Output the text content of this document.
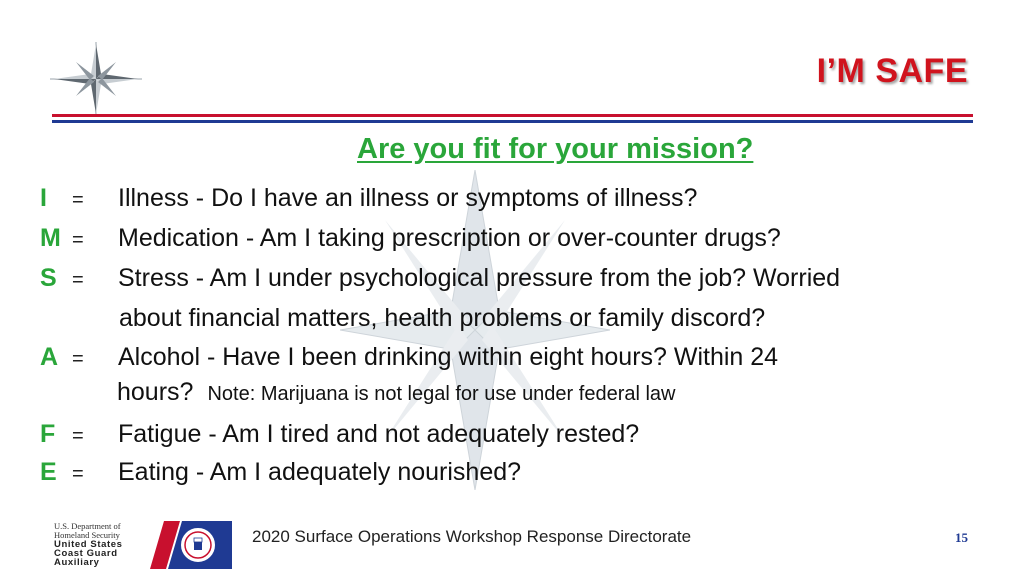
I’M SAFE
Are you fit for your mission?
I = Illness - Do I have an illness or symptoms of illness?
M = Medication - Am I taking prescription or over-counter drugs?
S = Stress - Am I under psychological pressure from the job? Worried
about financial matters, health problems or family discord?
A = Alcohol - Have I been drinking within eight hours? Within 24
hours? Note: Marijuana is not legal for use under federal law
F = Fatigue - Am I tired and not adequately rested?
E = Eating - Am I adequately nourished?
U.S. Department of
Homeland Security
United States
Coast Guard
Auxiliary
2020 Surface Operations Workshop Response Directorate	15
